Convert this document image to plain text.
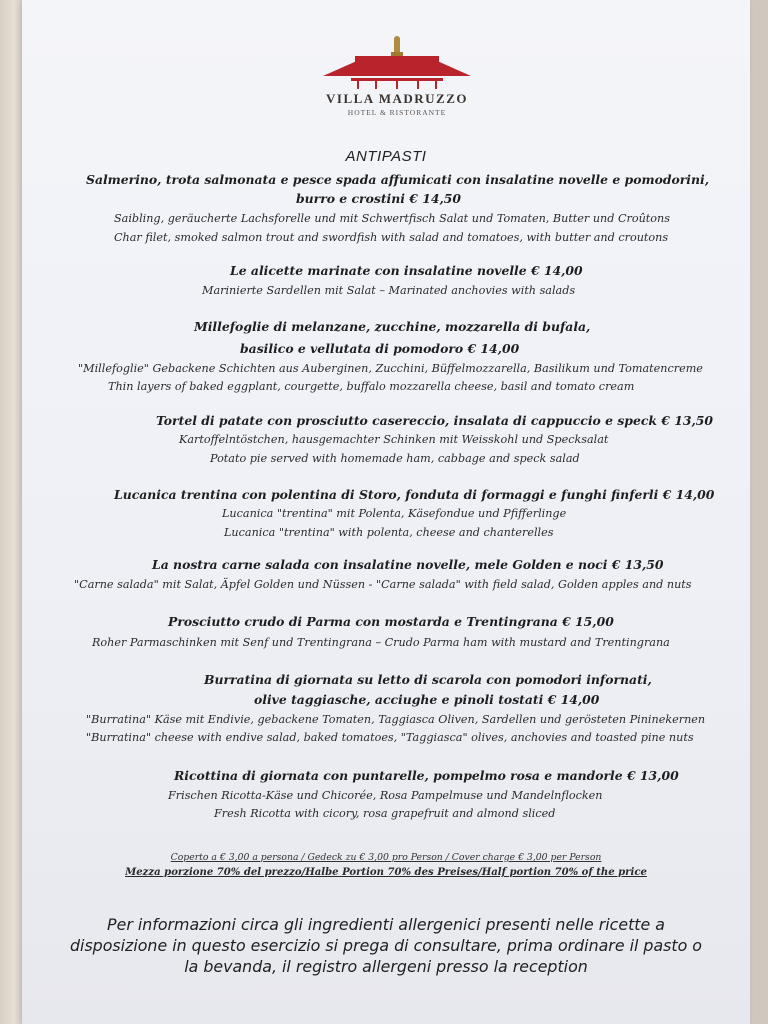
VILLA MADRUZZO
HOTEL & RISTORANTE
ANTIPASTI
Salmerino, trota salmonata e pesce spada affumicati con insalatine novelle e pomodorini,
burro e crostini € 14,50
Saibling, geräucherte Lachsforelle und mit Schwertfisch Salat und Tomaten, Butter und Croûtons
Char filet, smoked salmon trout and swordfish with salad and tomatoes, with butter and croutons
Le alicette marinate con insalatine novelle € 14,00
Marinierte Sardellen mit Salat – Marinated anchovies with salads
Millefoglie di melanzane, zucchine, mozzarella di bufala,
basilico e vellutata di pomodoro € 14,00
"Millefoglie" Gebackene Schichten aus Auberginen, Zucchini, Büffelmozzarella, Basilikum und Tomatencreme
Thin layers of baked eggplant, courgette, buffalo mozzarella cheese, basil and tomato cream
Tortel di patate con prosciutto casereccio, insalata di cappuccio e speck € 13,50
Kartoffelntöstchen, hausgemachter Schinken mit Weisskohl und Specksalat
Potato pie served with homemade ham, cabbage and speck salad
Lucanica trentina con polentina di Storo, fonduta di formaggi e funghi finferli € 14,00
Lucanica "trentina" mit Polenta, Käsefondue und Pfifferlinge
Lucanica "trentina" with polenta, cheese and chanterelles
La nostra carne salada con insalatine novelle, mele Golden e noci € 13,50
"Carne salada" mit Salat, Äpfel Golden und Nüssen - "Carne salada" with field salad, Golden apples and nuts
Prosciutto crudo di Parma con mostarda e Trentingrana € 15,00
Roher Parmaschinken mit Senf und Trentingrana – Crudo Parma ham with mustard and Trentingrana
Burratina di giornata su letto di scarola con pomodori infornati,
olive taggiasche, acciughe e pinoli tostati € 14,00
"Burratina" Käse mit Endivie, gebackene Tomaten, Taggiasca Oliven, Sardellen und gerösteten Pininekernen
"Burratina" cheese with endive salad, baked tomatoes, "Taggiasca" olives, anchovies and toasted pine nuts
Ricottina di giornata con puntarelle, pompelmo rosa e mandorle € 13,00
Frischen Ricotta-Käse und Chicorée, Rosa Pampelmuse und Mandelnflocken
Fresh Ricotta with cicory, rosa grapefruit and almond sliced
Coperto a € 3,00 a persona / Gedeck zu € 3,00 pro Person / Cover charge € 3,00 per Person
Mezza porzione 70% del prezzo/Halbe Portion 70% des Preises/Half portion 70% of the price
Per informazioni circa gli ingredienti allergenici presenti nelle ricette a
disposizione in questo esercizio si prega di consultare, prima ordinare il pasto o
la bevanda, il registro allergeni presso la reception
